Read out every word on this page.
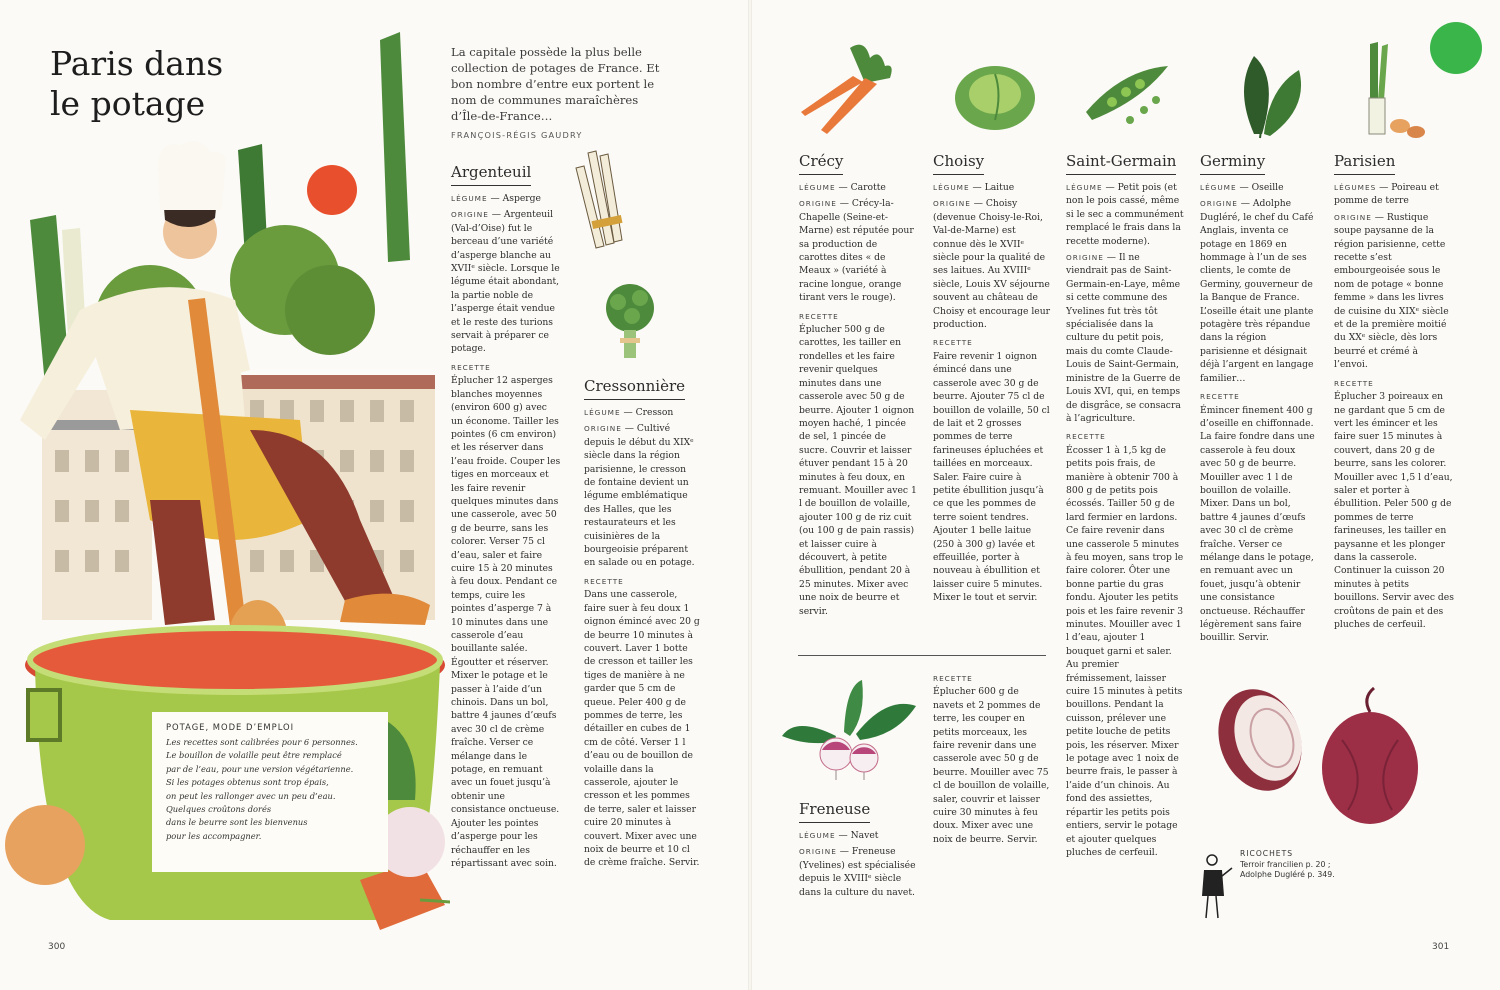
POTAGE, MODE D’EMPLOI
Les recettes sont calibrées pour 6 personnes.
Le bouillon de volaille peut être remplacé
par de l’eau, pour une version végétarienne.
Si les potages obtenus sont trop épais,
on peut les rallonger avec un peu d’eau.
Quelques croûtons dorés
dans le beurre sont les bienvenus
pour les accompagner.
Paris dans
le potage
La capitale possède la plus belle collection de potages de France. Et bon nombre d’entre eux portent le nom de communes maraîchères d’Île-de-France…
FRANÇOIS-RÉGIS GAUDRY
Argenteuil

LÉGUME — Asperge

ORIGINE — Argenteuil (Val-d’Oise) fut le berceau d’une variété d’asperge blanche au XVIIᵉ siècle. Lorsque le légume était abondant, la partie noble de l’asperge était vendue et le reste des turions servait à préparer ce potage.

RECETTE

Éplucher 12 asperges blanches moyennes (environ 600 g) avec un économe. Tailler les pointes (6 cm environ) et les réserver dans l’eau froide. Couper les tiges en morceaux et les faire revenir quelques minutes dans une casserole, avec 50 g de beurre, sans les colorer. Verser 75 cl d’eau, saler et faire cuire 15 à 20 minutes à feu doux. Pendant ce temps, cuire les pointes d’asperge 7 à 10 minutes dans une casserole d’eau bouillante salée. Égoutter et réserver. Mixer le potage et le passer à l’aide d’un chinois. Dans un bol, battre 4 jaunes d’œufs avec 30 cl de crème fraîche. Verser ce mélange dans le potage, en remuant avec un fouet jusqu’à obtenir une consistance onctueuse. Ajouter les pointes d’asperge pour les réchauffer en les répartissant avec soin.

Cressonnière

LÉGUME — Cresson

ORIGINE — Cultivé depuis le début du XIXᵉ siècle dans la région parisienne, le cresson de fontaine devient un légume emblématique des Halles, que les restaurateurs et les cuisinières de la bourgeoisie préparent en salade ou en potage.

RECETTE

Dans une casserole, faire suer à feu doux 1 oignon émincé avec 20 g de beurre 10 minutes à couvert. Laver 1 botte de cresson et tailler les tiges de manière à ne garder que 5 cm de queue. Peler 400 g de pommes de terre, les détailler en cubes de 1 cm de côté. Verser 1 l d’eau ou de bouillon de volaille dans la casserole, ajouter le cresson et les pommes de terre, saler et laisser cuire 20 minutes à couvert. Mixer avec une noix de beurre et 10 cl de crème fraîche. Servir.

300
Crécy

LÉGUME — Carotte

ORIGINE — Crécy-la-Chapelle (Seine-et-Marne) est réputée pour sa production de carottes dites « de Meaux » (variété à racine longue, orange tirant vers le rouge).

RECETTE

Éplucher 500 g de carottes, les tailler en rondelles et les faire revenir quelques minutes dans une casserole avec 50 g de beurre. Ajouter 1 oignon moyen haché, 1 pincée de sel, 1 pincée de sucre. Couvrir et laisser étuver pendant 15 à 20 minutes à feu doux, en remuant. Mouiller avec 1 l de bouillon de volaille, ajouter 100 g de riz cuit (ou 100 g de pain rassis) et laisser cuire à découvert, à petite ébullition, pendant 20 à 25 minutes. Mixer avec une noix de beurre et servir.

Choisy

LÉGUME — Laitue

ORIGINE — Choisy (devenue Choisy-le-Roi, Val-de-Marne) est connue dès le XVIIᵉ siècle pour la qualité de ses laitues. Au XVIIIᵉ siècle, Louis XV séjourne souvent au château de Choisy et encourage leur production.

RECETTE

Faire revenir 1 oignon émincé dans une casserole avec 30 g de beurre. Ajouter 75 cl de bouillon de volaille, 50 cl de lait et 2 grosses pommes de terre farineuses épluchées et taillées en morceaux. Saler. Faire cuire à petite ébullition jusqu’à ce que les pommes de terre soient tendres. Ajouter 1 belle laitue (250 à 300 g) lavée et effeuillée, porter à nouveau à ébullition et laisser cuire 5 minutes. Mixer le tout et servir.

Saint-Germain

LÉGUME — Petit pois (et non le pois cassé, même si le sec a communément remplacé le frais dans la recette moderne).

ORIGINE — Il ne viendrait pas de Saint-Germain-en-Laye, même si cette commune des Yvelines fut très tôt spécialisée dans la culture du petit pois, mais du comte Claude-Louis de Saint-Germain, ministre de la Guerre de Louis XVI, qui, en temps de disgrâce, se consacra à l’agriculture.

RECETTE

Écosser 1 à 1,5 kg de petits pois frais, de manière à obtenir 700 à 800 g de petits pois écossés. Tailler 50 g de lard fermier en lardons. Ce faire revenir dans une casserole 5 minutes à feu moyen, sans trop le faire colorer. Ôter une bonne partie du gras fondu. Ajouter les petits pois et les faire revenir 3 minutes. Mouiller avec 1 l d’eau, ajouter 1 bouquet garni et saler. Au premier frémissement, laisser cuire 15 minutes à petits bouillons. Pendant la cuisson, prélever une petite louche de petits pois, les réserver. Mixer le potage avec 1 noix de beurre frais, le passer à l’aide d’un chinois. Au fond des assiettes, répartir les petits pois entiers, servir le potage et ajouter quelques pluches de cerfeuil.

Germiny

LÉGUME — Oseille

ORIGINE — Adolphe Dugléré, le chef du Café Anglais, inventa ce potage en 1869 en hommage à l’un de ses clients, le comte de Germiny, gouverneur de la Banque de France. L’oseille était une plante potagère très répandue dans la région parisienne et désignait déjà l’argent en langage familier…

RECETTE

Émincer finement 400 g d’oseille en chiffonnade. La faire fondre dans une casserole à feu doux avec 50 g de beurre. Mouiller avec 1 l de bouillon de volaille. Mixer. Dans un bol, battre 4 jaunes d’œufs avec 30 cl de crème fraîche. Verser ce mélange dans le potage, en remuant avec un fouet, jusqu’à obtenir une consistance onctueuse. Réchauffer légèrement sans faire bouillir. Servir.

Parisien

LÉGUMES — Poireau et pomme de terre

ORIGINE — Rustique soupe paysanne de la région parisienne, cette recette s’est embourgeoisée sous le nom de potage « bonne femme » dans les livres de cuisine du XIXᵉ siècle et de la première moitié du XXᵉ siècle, dès lors beurré et crémé à l’envoi.

RECETTE

Éplucher 3 poireaux en ne gardant que 5 cm de vert les émincer et les faire suer 15 minutes à couvert, dans 20 g de beurre, sans les colorer. Mouiller avec 1,5 l d’eau, saler et porter à ébullition. Peler 500 g de pommes de terre farineuses, les tailler en paysanne et les plonger dans la casserole. Continuer la cuisson 20 minutes à petits bouillons. Servir avec des croûtons de pain et des pluches de cerfeuil.

Freneuse

LÉGUME — Navet

ORIGINE — Freneuse (Yvelines) est spécialisée depuis le XVIIIᵉ siècle dans la culture du navet.

RECETTE

Éplucher 600 g de navets et 2 pommes de terre, les couper en petits morceaux, les faire revenir dans une casserole avec 50 g de beurre. Mouiller avec 75 cl de bouillon de volaille, saler, couvrir et laisser cuire 30 minutes à feu doux. Mixer avec une noix de beurre. Servir.

RICOCHETS
Terroir francilien p. 20 ;
Adolphe Dugléré p. 349.
301
